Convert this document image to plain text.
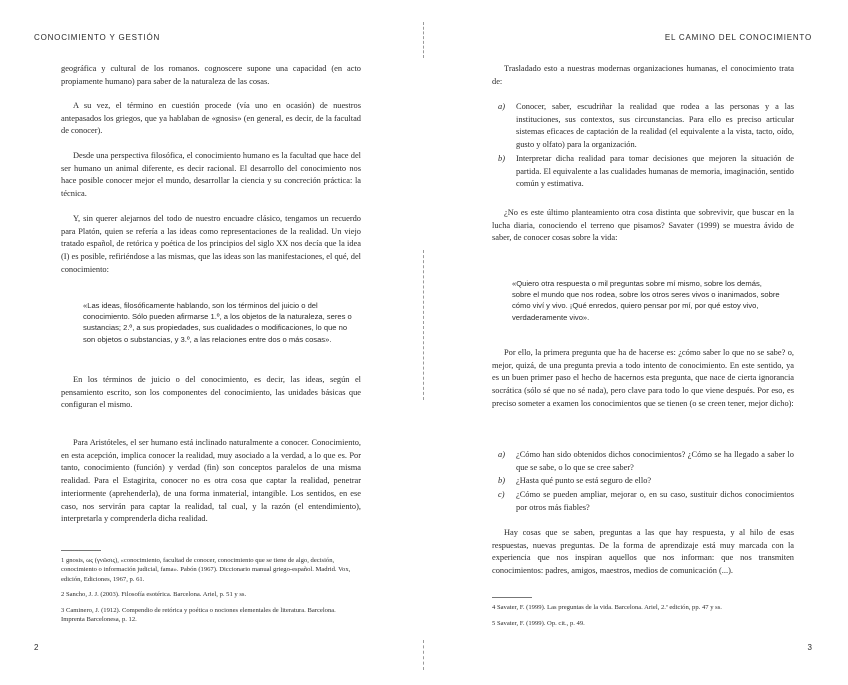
CONOCIMIENTO Y GESTIÓN

geográfica y cultural de los romanos. cognoscere supone una capacidad (en acto propiamente humano) para saber de la naturaleza de las cosas.

A su vez, el término en cuestión procede (vía uno en ocasión) de nuestros antepasados los griegos, que ya hablaban de «gnosis» (en general, es decir, de la facultad de conocer).

Desde una perspectiva filosófica, el conocimiento humano es la facultad que hace del ser humano un animal diferente, es decir racional. El desarrollo del conocimiento nos hace posible conocer mejor el mundo, desarrollar la ciencia y su concreción práctica: la técnica.

Y, sin querer alejarnos del todo de nuestro encuadre clásico, tengamos un recuerdo para Platón, quien se refería a las ideas como representaciones de la realidad. Un viejo tratado español, de retórica y poética de los principios del siglo XX nos decía que la idea (I) es posible, refiriéndose a las mismas, que las ideas son las manifestaciones, el qué, del conocimiento:

«Las ideas, filosóficamente hablando, son los términos del juicio o del conocimiento. Sólo pueden afirmarse 1.º, a los objetos de la naturaleza, seres o sustancias; 2.º, a sus propiedades, sus cualidades o modificaciones, lo que no son objetos o substancias, y 3.º, a las relaciones entre dos o más cosas».

En los términos de juicio o del conocimiento, es decir, las ideas, según el pensamiento escrito, son los componentes del conocimiento, las unidades básicas que configuran el mismo.

Para Aristóteles, el ser humano está inclinado naturalmente a conocer. Conocimiento, en esta acepción, implica conocer la realidad, muy asociado a la verdad, a lo que es. Por tanto, conocimiento (función) y verdad (fin) son conceptos paralelos de una misma realidad. Para el Estagirita, conocer no es otra cosa que captar la realidad, penetrar interiormente (aprehenderla), de una forma inmaterial, intangible. Los sentidos, en ese caso, nos servirán para captar la realidad, tal cual, y la razón (el entendimiento), interpretarla y comprenderla dicha realidad.

1 gnosis, ως (γνῶσις), «conocimiento, facultad de conocer, conocimiento que se tiene de algo, decisión, conocimiento o información judicial, fama». Pabón (1967). Diccionario manual griego-español. Madrid. Vox, edición, Ediciones, 1967, p. 61.

2 Sancho, J. J. (2003). Filosofía esotérica. Barcelona. Ariel, p. 51 y ss.

3 Caminero, J. (1912). Compendio de retórica y poética o nociones elementales de literatura. Barcelona. Imprenta Barcelonesa, p. 12.

2
EL CAMINO DEL CONOCIMIENTO

Trasladado esto a nuestras modernas organizaciones humanas, el conocimiento trata de:

a) Conocer, saber, escudriñar la realidad que rodea a las personas y a las instituciones, sus contextos, sus circunstancias. Para ello es preciso articular sistemas eficaces de captación de la realidad (el equivalente a la vista, tacto, oído, gusto y olfato) para la organización.
b) Interpretar dicha realidad para tomar decisiones que mejoren la situación de partida. El equivalente a las cualidades humanas de memoria, imaginación, sentido común y estimativa.

¿No es este último planteamiento otra cosa distinta que sobrevivir, que buscar en la lucha diaria, conociendo el terreno que pisamos? Savater (1999) se muestra ávido de saber, de conocer cosas sobre la vida:

«Quiero otra respuesta o mil preguntas sobre mí mismo, sobre los demás, sobre el mundo que nos rodea, sobre los otros seres vivos o inanimados, sobre cómo viví y vivo. ¡Qué enredos, quiero pensar por mí, por qué estoy vivo, verdaderamente vivo».

Por ello, la primera pregunta que ha de hacerse es: ¿cómo saber lo que no se sabe? o, mejor, quizá, de una pregunta previa a todo intento de conocimiento. En este sentido, ya es un buen primer paso el hecho de hacernos esta pregunta, que nace de cierta ignorancia socrática (sólo sé que no sé nada), pero clave para todo lo que viene después. Por eso, es preciso someter a examen los conocimientos que se tienen (o se creen tener, mejor dicho):

a) ¿Cómo han sido obtenidos dichos conocimientos? ¿Cómo se ha llegado a saber lo que se sabe, o lo que se cree saber?
b) ¿Hasta qué punto se está seguro de ello?
c) ¿Cómo se pueden ampliar, mejorar o, en su caso, sustituir dichos conocimientos por otros más fiables?

Hay cosas que se saben, preguntas a las que hay respuesta, y al hilo de esas respuestas, nuevas preguntas. De la forma de aprendizaje está muy marcada con la experiencia que nos inspiran aquellos que nos informan: que nos transmiten conocimientos: padres, amigos, maestros, medios de comunicación (...).

4 Savater, F. (1999). Las preguntas de la vida. Barcelona. Ariel, 2.ª edición, pp. 47 y ss.

5 Savater, F. (1999). Op. cit., p. 49.

3
